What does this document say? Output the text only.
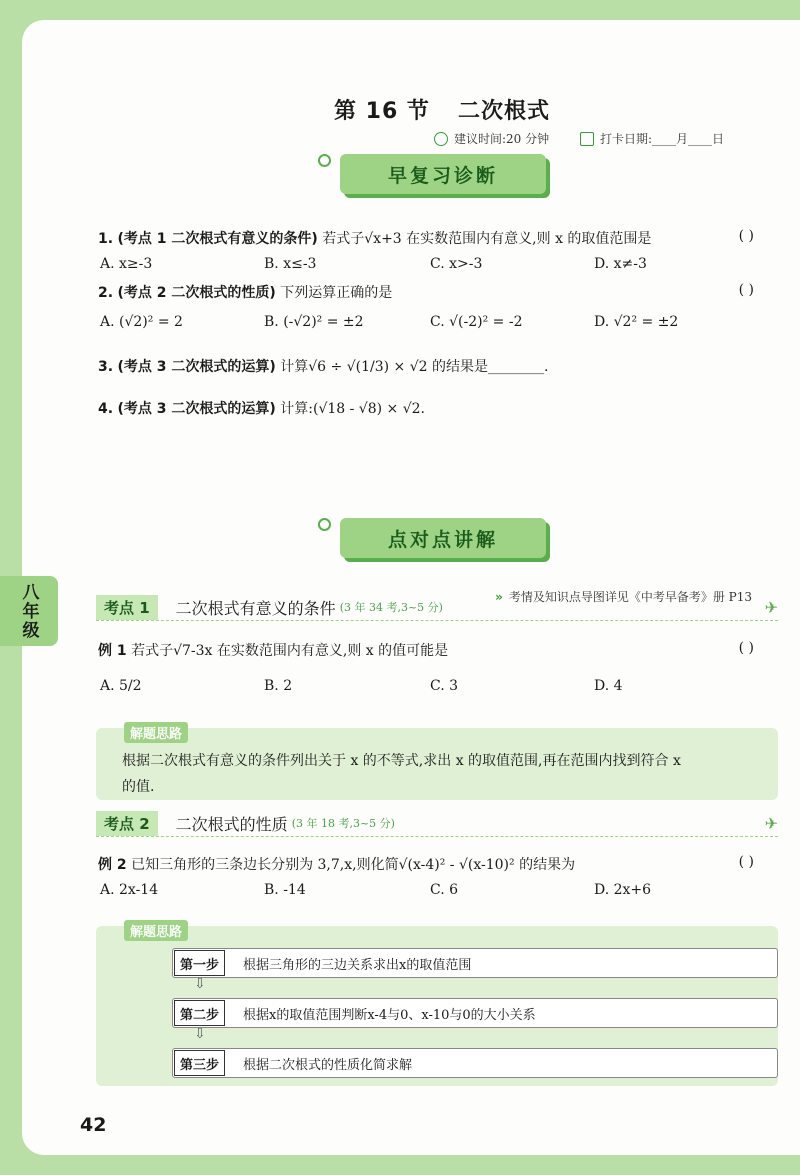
八年级
第 16 节 二次根式
建议时间:20 分钟	打卡日期:____月____日
早复习诊断
1. (考点 1 二次根式有意义的条件) 若式子√x+3 在实数范围内有意义,则 x 的取值范围是	( )
A. x≥-3	B. x≤-3	C. x>-3	D. x≠-3
2. (考点 2 二次根式的性质) 下列运算正确的是	( )
A. (√2)² = 2	B. (-√2)² = ±2	C. √(-2)² = -2	D. √2² = ±2
3. (考点 3 二次根式的运算) 计算√6 ÷ √(1/3) × √2 的结果是________.
4. (考点 3 二次根式的运算) 计算:(√18 - √8) × √2.
点对点讲解
» 考情及知识点导图详见《中考早备考》册 P13
考点 1	二次根式有意义的条件 (3 年 34 考,3~5 分)	✈
例 1 若式子√7-3x 在实数范围内有意义,则 x 的值可能是	( )
A. 5/2	B. 2	C. 3	D. 4
解题思路
根据二次根式有意义的条件列出关于 x 的不等式,求出 x 的取值范围,再在范围内找到符合 x
的值.
考点 2	二次根式的性质 (3 年 18 考,3~5 分)	✈
例 2 已知三角形的三条边长分别为 3,7,x,则化简√(x-4)² - √(x-10)² 的结果为	( )
A. 2x-14	B. -14	C. 6	D. 2x+6
解题思路
根据三角形的三边关系求出x的取值范围
第一步
⇩
根据x的取值范围判断x-4与0、x-10与0的大小关系
第二步
⇩
根据二次根式的性质化简求解
第三步
42
